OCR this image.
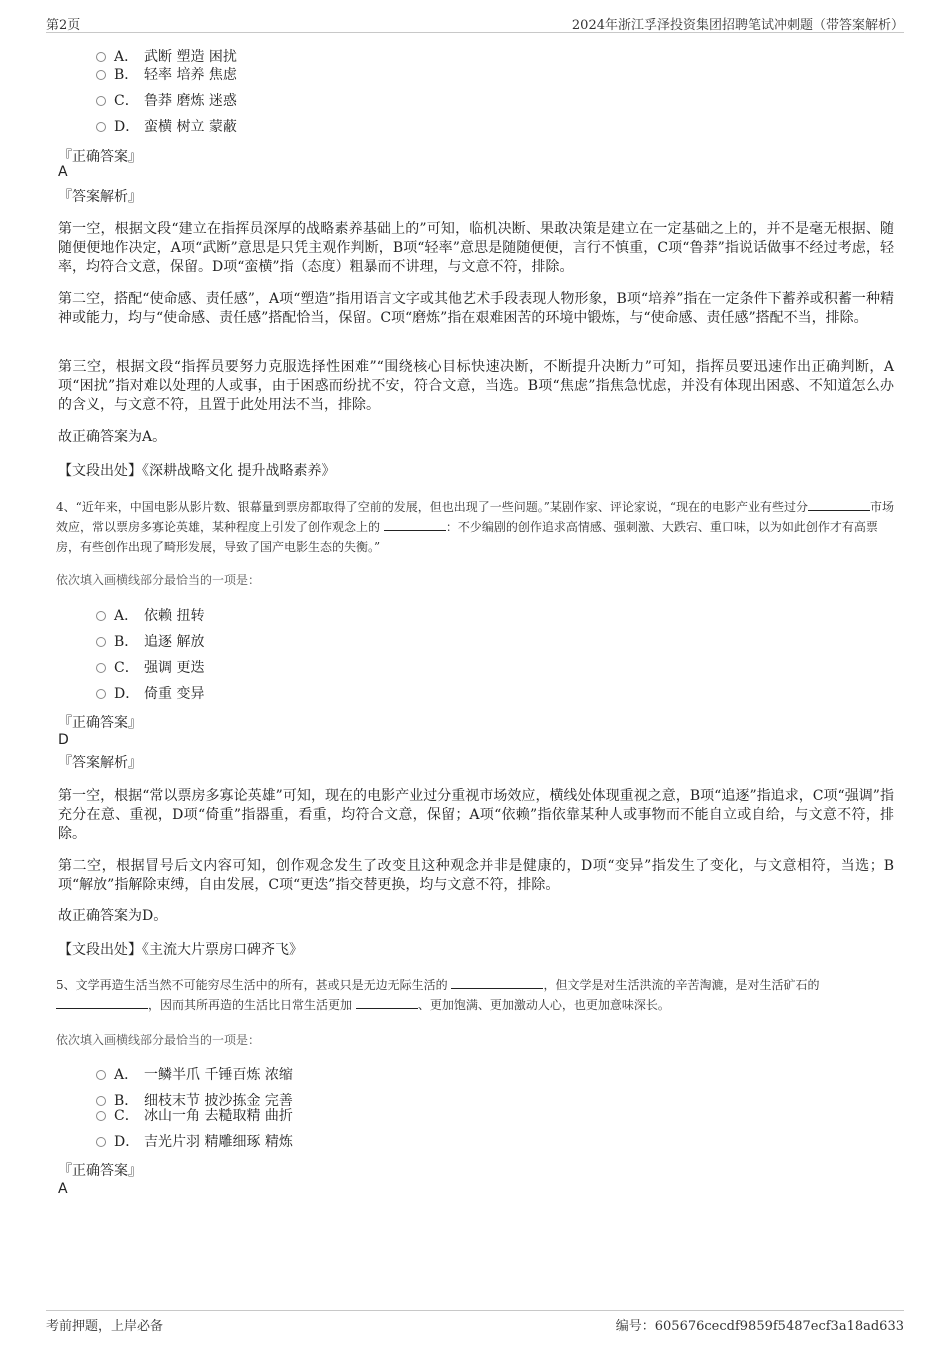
第2页	2024年浙江孚泽投资集团招聘笔试冲刺题（带答案解析）
A． 武断 塑造 困扰
B． 轻率 培养 焦虑
C． 鲁莽 磨炼 迷惑
D． 蛮横 树立 蒙蔽
『正确答案』
A
『答案解析』
第一空，根据文段“建立在指挥员深厚的战略素养基础上的”可知，临机决断、果敢决策是建立在一定基础之上的，并不是毫无根据、随随便便地作决定，A项“武断”意思是只凭主观作判断，B项“轻率”意思是随随便便，言行不慎重，C项“鲁莽”指说话做事不经过考虑，轻率，均符合文意，保留。D项“蛮横”指（态度）粗暴而不讲理，与文意不符，排除。
第二空，搭配“使命感、责任感”，A项“塑造”指用语言文字或其他艺术手段表现人物形象，B项“培养”指在一定条件下蓄养或积蓄一种精神或能力，均与“使命感、责任感”搭配恰当，保留。C项“磨炼”指在艰难困苦的环境中锻炼，与“使命感、责任感”搭配不当，排除。
第三空，根据文段“指挥员要努力克服选择性困难”“围绕核心目标快速决断，不断提升决断力”可知，指挥员要迅速作出正确判断，A项“困扰”指对难以处理的人或事，由于困惑而纷扰不安，符合文意，当选。B项“焦虑”指焦急忧虑，并没有体现出困惑、不知道怎么办的含义，与文意不符，且置于此处用法不当，排除。
故正确答案为A。
【文段出处】《深耕战略文化 提升战略素养》
4、“近年来，中国电影从影片数、银幕量到票房都取得了空前的发展，但也出现了一些问题。”某剧作家、评论家说，“现在的电影产业有些过分	市场效应，常以票房多寡论英雄，某种程度上引发了创作观念上的	：不少编剧的创作追求高情感、强刺激、大跌宕、重口味，以为如此创作才有高票房，有些创作出现了畸形发展，导致了国产电影生态的失衡。”
依次填入画横线部分最恰当的一项是：
A． 依赖 扭转
B． 追逐 解放
C． 强调 更迭
D． 倚重 变异
『正确答案』
D
『答案解析』
第一空，根据“常以票房多寡论英雄”可知，现在的电影产业过分重视市场效应，横线处体现重视之意，B项“追逐”指追求，C项“强调”指充分在意、重视，D项“倚重”指器重，看重，均符合文意，保留；A项“依赖”指依靠某种人或事物而不能自立或自给，与文意不符，排除。
第二空，根据冒号后文内容可知，创作观念发生了改变且这种观念并非是健康的，D项“变异”指发生了变化，与文意相符，当选；B项“解放”指解除束缚，自由发展，C项“更迭”指交替更换，均与文意不符，排除。
故正确答案为D。
【文段出处】《主流大片票房口碑齐飞》
5、文学再造生活当然不可能穷尽生活中的所有，甚或只是无边无际生活的	，但文学是对生活洪流的辛苦淘漉，是对生活矿石的 ，因而其所再造的生活比日常生活更加	、更加饱满、更加激动人心，也更加意味深长。
依次填入画横线部分最恰当的一项是：
A． 一鳞半爪 千锤百炼 浓缩
B． 细枝末节 披沙拣金 完善
C． 冰山一角 去糙取精 曲折
D． 吉光片羽 精雕细琢 精炼
『正确答案』
A
考前押题，上岸必备	编号：605676cecdf9859f5487ecf3a18ad633
